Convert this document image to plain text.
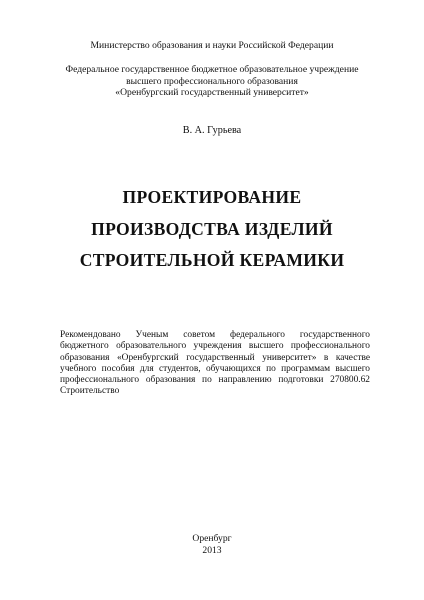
Министерство образования и науки Российской Федерации

Федеральное государственное бюджетное образовательное учреждение
высшего профессионального образования
«Оренбургский государственный университет»

В. А. Гурьева

ПРОЕКТИРОВАНИЕ
ПРОИЗВОДСТВА ИЗДЕЛИЙ
СТРОИТЕЛЬНОЙ КЕРАМИКИ

Рекомендовано Ученым советом федерального государственного
бюджетного образовательного учреждения высшего профессионального
образования «Оренбургский государственный университет» в качестве
учебного пособия для студентов, обучающихся по программам высшего
профессионального образования по направлению подготовки 270800.62
Строительство

Оренбург
2013
